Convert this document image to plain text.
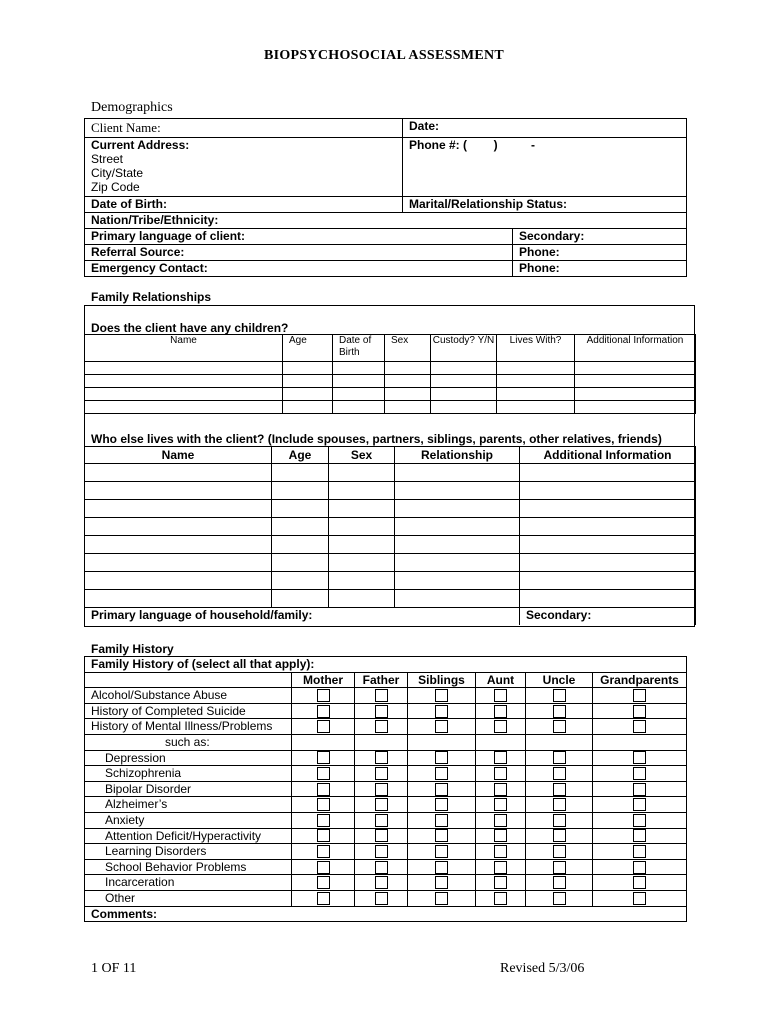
BIOPSYCHOSOCIAL ASSESSMENT
Demographics
Client Name:	Date:	

Current Address:
Street
City/State
Zip Code	Phone #: (        )          -	
Date of Birth:	Marital/Relationship Status:	
Nation/Tribe/Ethnicity:		
Primary language of client:		Secondary:
Referral Source:		Phone:
Emergency Contact:		Phone:
Family Relationships
Does the client have any children?
Name	Age	Date of Birth	Sex	Custody? Y/N	Lives With?	Additional Information

Who else lives with the client? (Include spouses, partners, siblings, parents, other relatives, friends)
Name	Age	Sex	Relationship	Additional Information

Primary language of household/family:				Secondary:
Family History
Family History of (select all that apply):						
	Mother	Father	Siblings	Aunt	Uncle	Grandparents
Alcohol/Substance Abuse						
History of Completed Suicide						
History of Mental Illness/Problems						
such as:						
Depression						
Schizophrenia						
Bipolar Disorder						
Alzheimer’s						
Anxiety						
Attention Deficit/Hyperactivity						
Learning Disorders						
School Behavior Problems						
Incarceration						
Other						
Comments:						
1 OF 11	Revised 5/3/06
